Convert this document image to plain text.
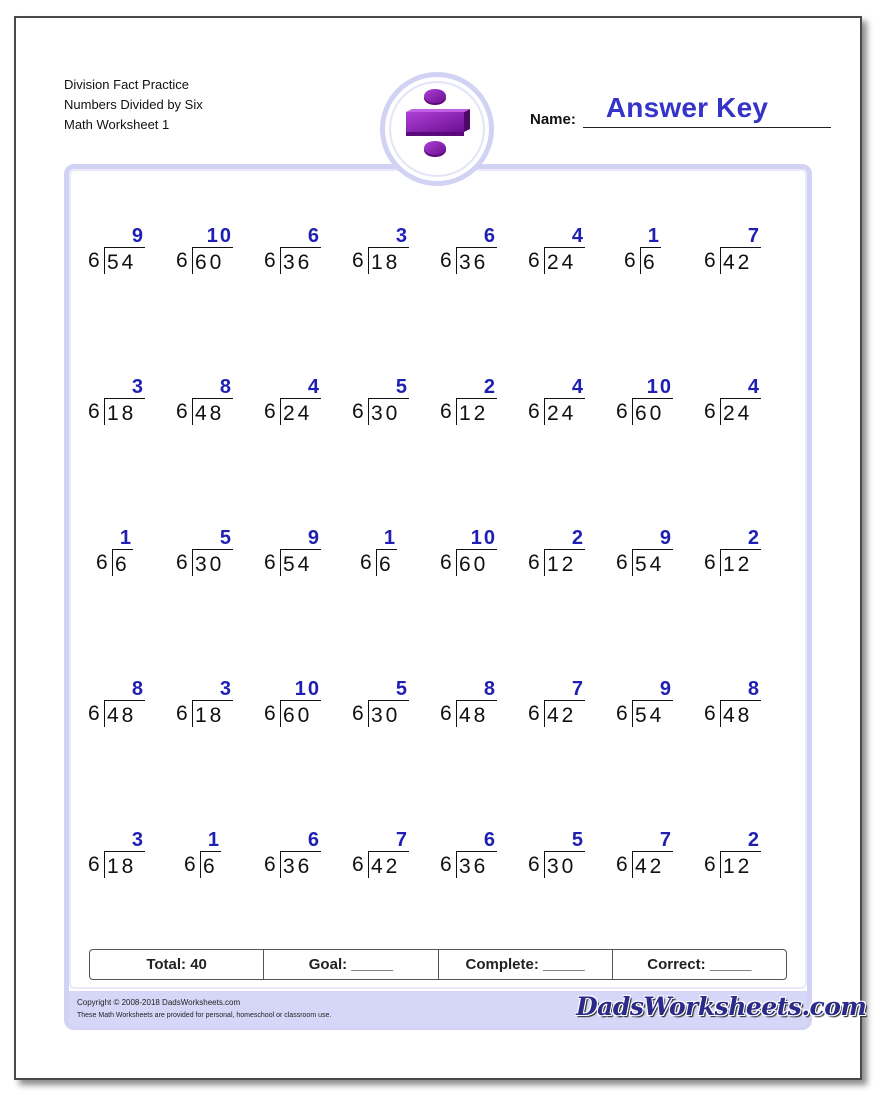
Division Fact Practice
Numbers Divided by Six
Math Worksheet 1	Name:	Answer Key
9
6 54
10
6 60
6
6 36
3
6 18
6
6 36
4
6 24
1
6 6
7
6 42
3
6 18
8
6 48
4
6 24
5
6 30
2
6 12
4
6 24
10
6 60
4
6 24
1
6 6
5
6 30
9
6 54
1
6 6
10
6 60
2
6 12
9
6 54
2
6 12
8
6 48
3
6 18
10
6 60
5
6 30
8
6 48
7
6 42
9
6 54
8
6 48
3
6 18
1
6 6
6
6 36
7
6 42
6
6 36
5
6 30
7
6 42
2
6 12
Total: 40	Goal: _____	Complete: _____	Correct: _____
Copyright © 2008-2018 DadsWorksheets.com
These Math Worksheets are provided for personal, homeschool or classroom use.	DadsWorksheets.com
